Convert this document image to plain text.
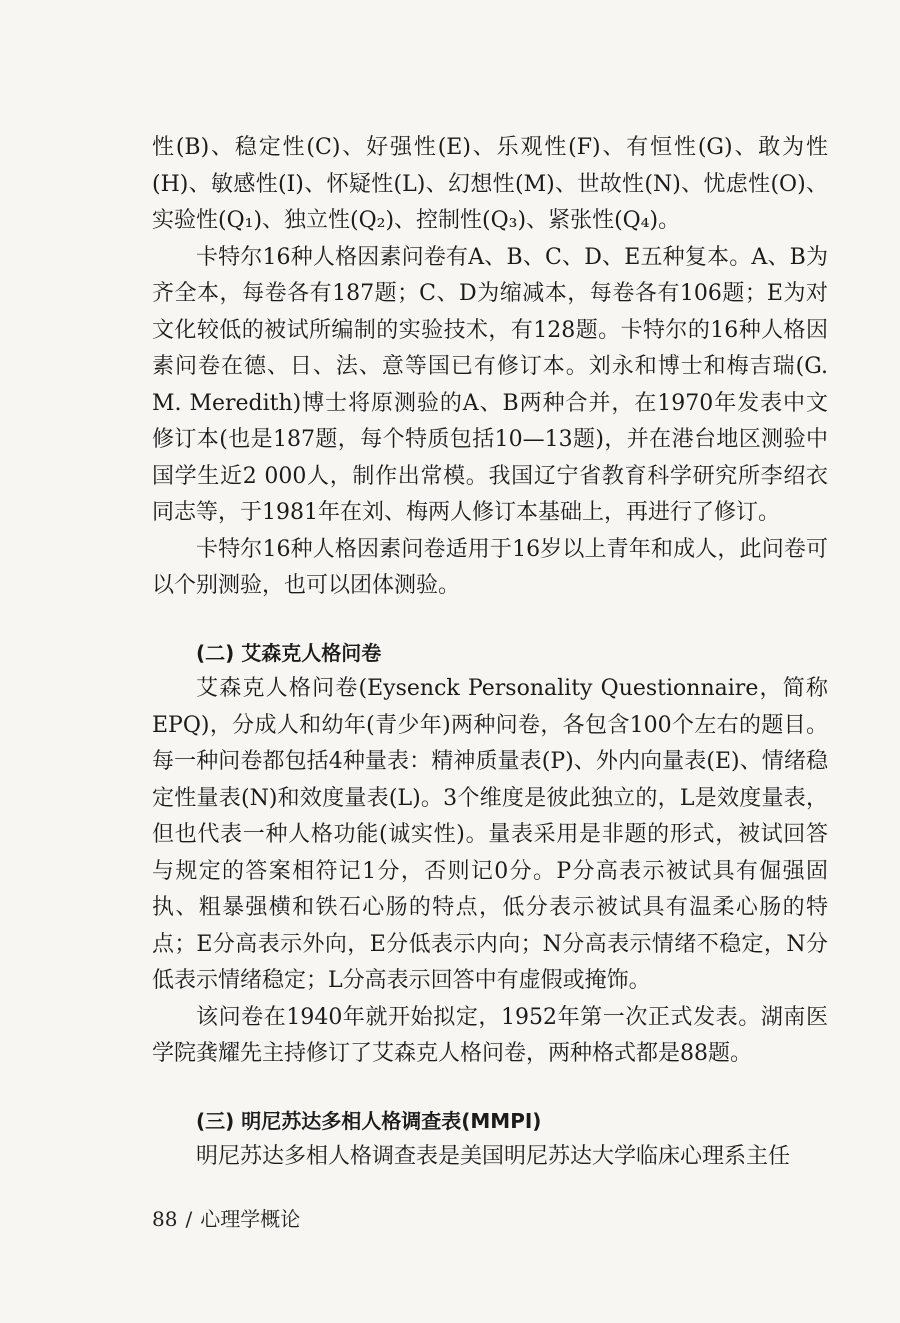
性(B)、稳定性(C)、好强性(E)、乐观性(F)、有恒性(G)、敢为性(H)、敏感性(I)、怀疑性(L)、幻想性(M)、世故性(N)、忧虑性(O)、实验性(Q₁)、独立性(Q₂)、控制性(Q₃)、紧张性(Q₄)。

卡特尔16种人格因素问卷有A、B、C、D、E五种复本。A、B为齐全本，每卷各有187题；C、D为缩减本，每卷各有106题；E为对文化较低的被试所编制的实验技术，有128题。卡特尔的16种人格因素问卷在德、日、法、意等国已有修订本。刘永和博士和梅吉瑞(G. M. Meredith)博士将原测验的A、B两种合并，在1970年发表中文修订本(也是187题，每个特质包括10—13题)，并在港台地区测验中国学生近2 000人，制作出常模。我国辽宁省教育科学研究所李绍衣同志等，于1981年在刘、梅两人修订本基础上，再进行了修订。

卡特尔16种人格因素问卷适用于16岁以上青年和成人，此问卷可以个别测验，也可以团体测验。

(二) 艾森克人格问卷

艾森克人格问卷(Eysenck Personality Questionnaire，简称EPQ)，分成人和幼年(青少年)两种问卷，各包含100个左右的题目。每一种问卷都包括4种量表：精神质量表(P)、外内向量表(E)、情绪稳定性量表(N)和效度量表(L)。3个维度是彼此独立的，L是效度量表，但也代表一种人格功能(诚实性)。量表采用是非题的形式，被试回答与规定的答案相符记1分，否则记0分。P分高表示被试具有倔强固执、粗暴强横和铁石心肠的特点，低分表示被试具有温柔心肠的特点；E分高表示外向，E分低表示内向；N分高表示情绪不稳定，N分低表示情绪稳定；L分高表示回答中有虚假或掩饰。

该问卷在1940年就开始拟定，1952年第一次正式发表。湖南医学院龚耀先主持修订了艾森克人格问卷，两种格式都是88题。

(三) 明尼苏达多相人格调查表(MMPI)

明尼苏达多相人格调查表是美国明尼苏达大学临床心理系主任

88 / 心理学概论
